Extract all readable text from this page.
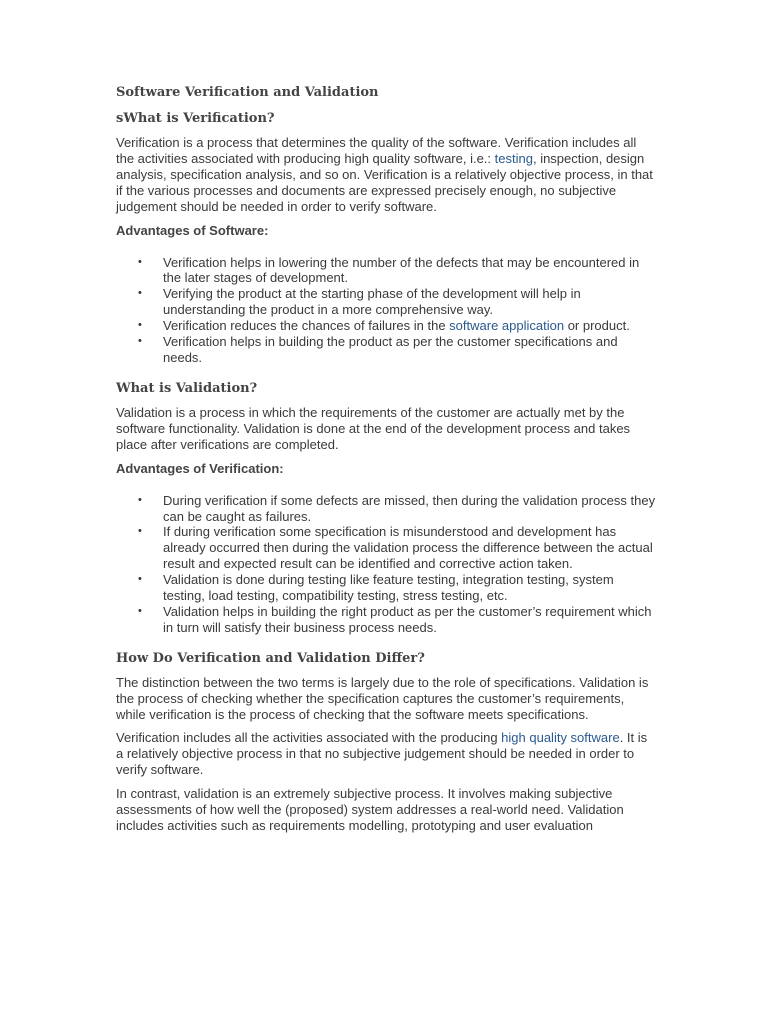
Software Verification and Validation
sWhat is Verification?

Verification is a process that determines the quality of the software. Verification includes all the activities associated with producing high quality software, i.e.: testing, inspection, design analysis, specification analysis, and so on. Verification is a relatively objective process, in that if the various processes and documents are expressed precisely enough, no subjective judgement should be needed in order to verify software.

Advantages of Software:
• Verification helps in lowering the number of the defects that may be encountered in the later stages of development.
• Verifying the product at the starting phase of the development will help in understanding the product in a more comprehensive way.
• Verification reduces the chances of failures in the software application or product.
• Verification helps in building the product as per the customer specifications and needs.
What is Validation?

Validation is a process in which the requirements of the customer are actually met by the software functionality. Validation is done at the end of the development process and takes place after verifications are completed.

Advantages of Verification:
• During verification if some defects are missed, then during the validation process they can be caught as failures.
• If during verification some specification is misunderstood and development has already occurred then during the validation process the difference between the actual result and expected result can be identified and corrective action taken.
• Validation is done during testing like feature testing, integration testing, system testing, load testing, compatibility testing, stress testing, etc.
• Validation helps in building the right product as per the customer’s requirement which in turn will satisfy their business process needs.
How Do Verification and Validation Differ?

The distinction between the two terms is largely due to the role of specifications. Validation is the process of checking whether the specification captures the customer’s requirements, while verification is the process of checking that the software meets specifications.

Verification includes all the activities associated with the producing high quality software. It is a relatively objective process in that no subjective judgement should be needed in order to verify software.

In contrast, validation is an extremely subjective process. It involves making subjective assessments of how well the (proposed) system addresses a real-world need. Validation includes activities such as requirements modelling, prototyping and user evaluation
